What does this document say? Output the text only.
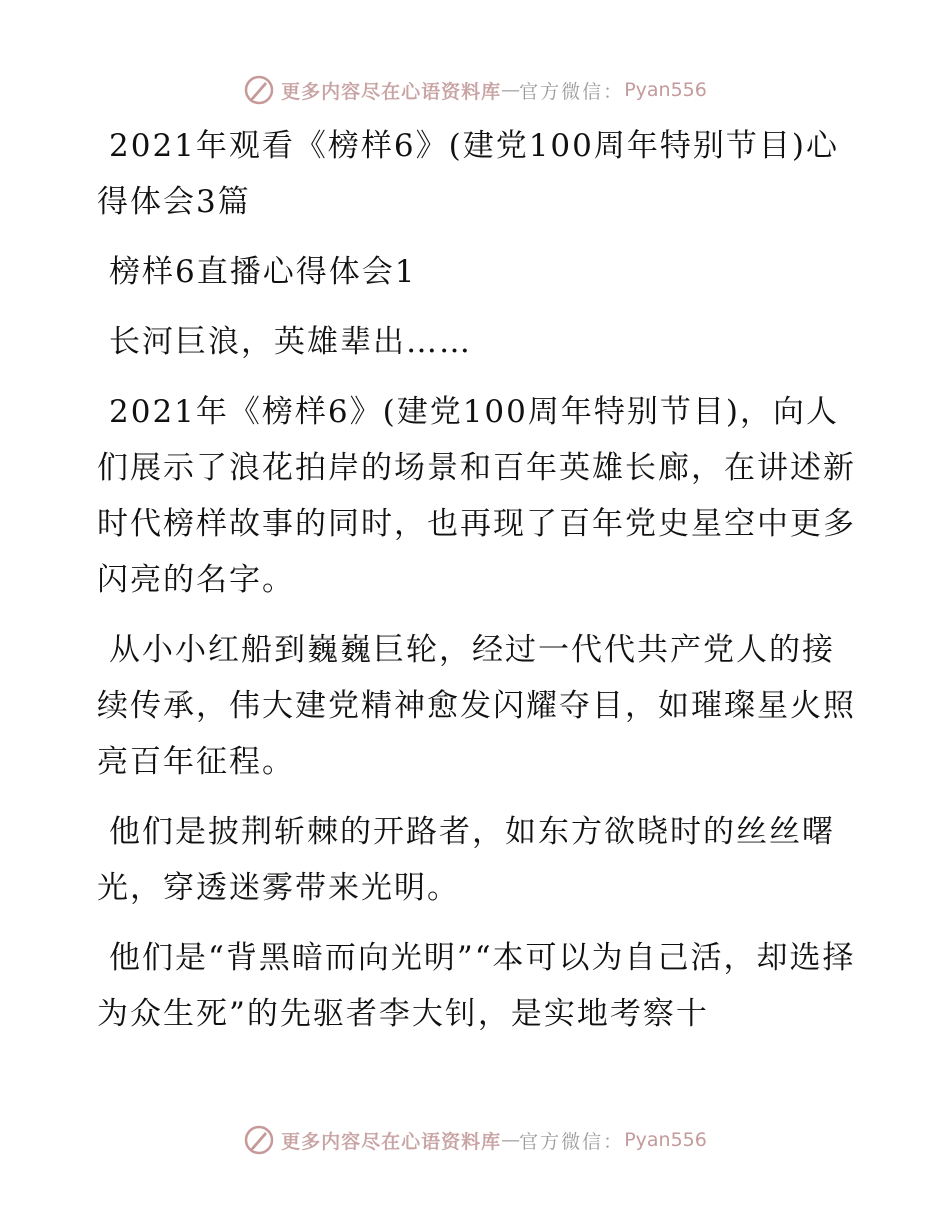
更多内容尽在心语资料库 — 官方微信： Pyan556

2021年观看《榜样6》(建党100周年特别节目)心得体会3篇

榜样6直播心得体会1

长河巨浪，英雄辈出……

2021年《榜样6》(建党100周年特别节目)，向人们展示了浪花拍岸的场景和百年英雄长廊，在讲述新时代榜样故事的同时，也再现了百年党史星空中更多闪亮的名字。

从小小红船到巍巍巨轮，经过一代代共产党人的接续传承，伟大建党精神愈发闪耀夺目，如璀璨星火照亮百年征程。

他们是披荆斩棘的开路者，如东方欲晓时的丝丝曙光，穿透迷雾带来光明。

他们是“背黑暗而向光明”“本可以为自己活，却选择为众生死”的先驱者李大钊，是实地考察十

更多内容尽在心语资料库 — 官方微信： Pyan556
